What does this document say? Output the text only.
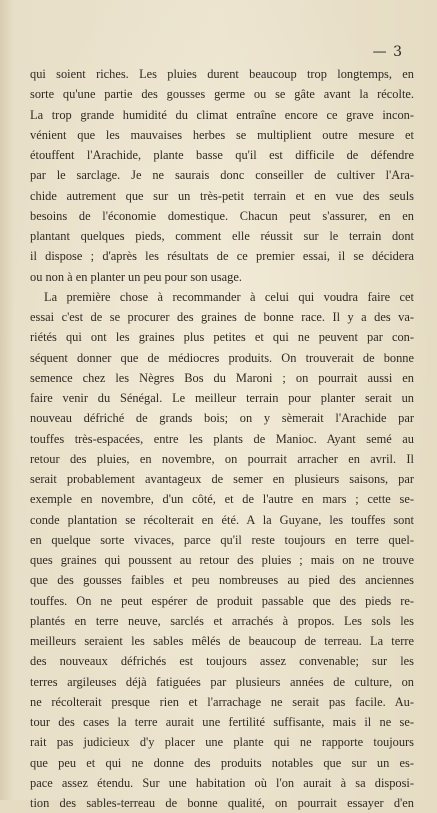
— 3
qui soient riches. Les pluies durent beaucoup trop longtemps, en
sorte qu'une partie des gousses germe ou se gâte avant la récolte.
La trop grande humidité du climat entraîne encore ce grave incon-
vénient que les mauvaises herbes se multiplient outre mesure et
étouffent l'Arachide, plante basse qu'il est difficile de défendre
par le sarclage. Je ne saurais donc conseiller de cultiver l'Ara-
chide autrement que sur un très-petit terrain et en vue des seuls
besoins de l'économie domestique. Chacun peut s'assurer, en en
plantant quelques pieds, comment elle réussit sur le terrain dont
il dispose ; d'après les résultats de ce premier essai, il se décidera
ou non à en planter un peu pour son usage.
La première chose à recommander à celui qui voudra faire cet
essai c'est de se procurer des graines de bonne race. Il y a des va-
riétés qui ont les graines plus petites et qui ne peuvent par con-
séquent donner que de médiocres produits. On trouverait de bonne
semence chez les Nègres Bos du Maroni ; on pourrait aussi en
faire venir du Sénégal. Le meilleur terrain pour planter serait un
nouveau défriché de grands bois; on y sèmerait l'Arachide par
touffes très-espacées, entre les plants de Manioc. Ayant semé au
retour des pluies, en novembre, on pourrait arracher en avril. Il
serait probablement avantageux de semer en plusieurs saisons, par
exemple en novembre, d'un côté, et de l'autre en mars ; cette se-
conde plantation se récolterait en été. A la Guyane, les touffes sont
en quelque sorte vivaces, parce qu'il reste toujours en terre quel-
ques graines qui poussent au retour des pluies ; mais on ne trouve
que des gousses faibles et peu nombreuses au pied des anciennes
touffes. On ne peut espérer de produit passable que des pieds re-
plantés en terre neuve, sarclés et arrachés à propos. Les sols les
meilleurs seraient les sables mêlés de beaucoup de terreau. La terre
des nouveaux défrichés est toujours assez convenable; sur les
terres argileuses déjà fatiguées par plusieurs années de culture, on
ne récolterait presque rien et l'arrachage ne serait pas facile. Au-
tour des cases la terre aurait une fertilité suffisante, mais il ne se-
rait pas judicieux d'y placer une plante qui ne rapporte toujours
que peu et qui ne donne des produits notables que sur un es-
pace assez étendu. Sur une habitation où l'on aurait à sa disposi-
tion des sables-terreau de bonne qualité, on pourrait essayer d'en
